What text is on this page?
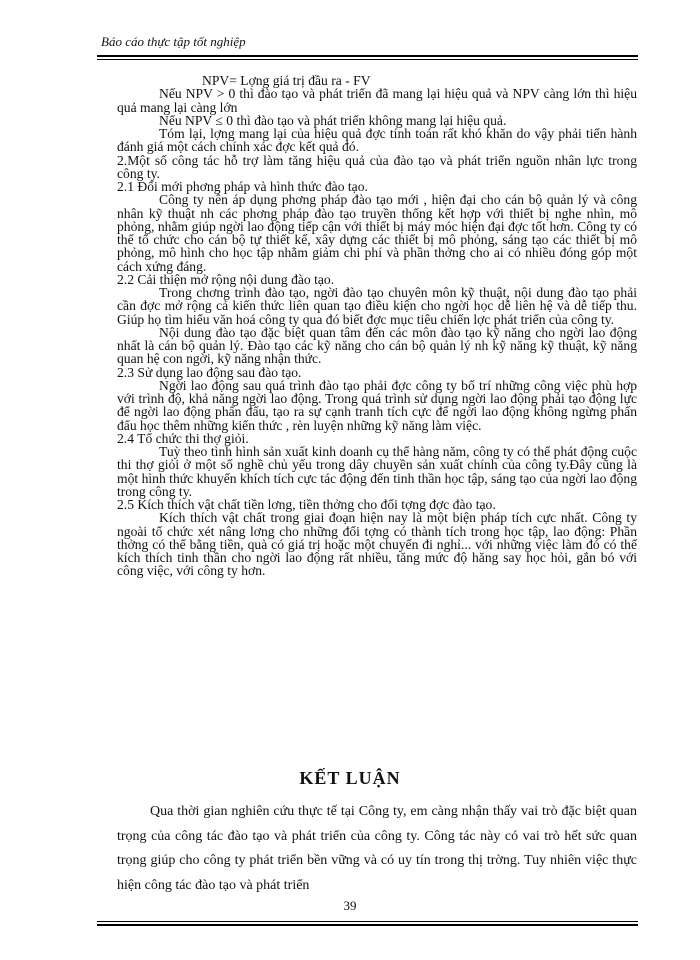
Báo cáo thực tập tốt nghiệp

NPV= Lợng giá trị đầu ra - FV

Nếu NPV > 0 thì đào tạo và phát triển đã mang lại hiệu quả và NPV càng lớn thì hiệu quả mang lại càng lớn

Nếu NPV ≤ 0 thì đào tạo và phát triển không mang lại hiệu quả.

Tóm lại, lợng mang lại của hiệu quả đợc tính toán rất khó khăn do vậy phải tiến hành đánh giá một cách chính xác đợc kết quả đó.

2.Một số công tác hỗ trợ làm tăng hiệu quả của đào tạo và phát triển nguồn nhân lực trong công ty.

2.1 Đổi mới phơng pháp và hình thức đào tạo.

Công ty nên áp dụng phơng pháp đào tạo mới , hiện đại cho cán bộ quản lý và công nhân kỹ thuật nh các phơng pháp đào tạo truyền thống kết hợp với thiết bị nghe nhìn, mô phỏng, nhằm giúp ngời lao động tiếp cận với thiết bị máy móc hiện đại đợc tốt hơn. Công ty có thể tổ chức cho cán bộ tự thiết kế, xây dựng các thiết bị mô phỏng, sáng tạo các thiết bị mô phỏng, mô hình cho học tập nhằm giảm chi phí và phần thởng cho ai có nhiều đóng góp một cách xứng đáng.

2.2 Cải thiện mở rộng nội dung đào tạo.

Trong chơng trình đào tạo, ngời đào tạo chuyên môn kỹ thuật, nội dung đào tạo phải cần đợc mở rộng cả kiến thức liên quan tạo điều kiện cho ngời học dễ liên hệ và dễ tiếp thu. Giúp họ tìm hiểu văn hoá công ty qua đó biết đợc mục tiêu chiến lợc phát triển của công ty.

Nội dung đào tạo đặc biệt quan tâm đến các môn đào tạo kỹ năng cho ngời lao động nhất là cán bộ quản lý. Đào tạo các kỹ năng cho cán bộ quản lý nh kỹ năng kỹ thuật, kỹ năng quan hệ con ngời, kỹ năng nhận thức.

2.3 Sử dụng lao động sau đào tạo.

Ngời lao động sau quá trình đào tạo phải đợc công ty bố trí những công việc phù hợp với trình độ, khả năng ngời lao động. Trong quá trình sử dụng ngời lao động phải tạo động lực để ngời lao động phấn đấu, tạo ra sự cạnh tranh tích cực để ngời lao động không ngừng phấn đấu học thêm những kiến thức , rèn luyện những kỹ năng làm việc.

2.4 Tổ chức thi thợ giỏi.

Tuỳ theo tình hình sản xuất kinh doanh cụ thể hàng năm, công ty có thể phát động cuộc thi thợ giỏi ở một số nghề chủ yếu trong dây chuyền sản xuất chính của công ty.Đây cũng là một hình thức khuyến khích tích cực tác động đến tinh thần học tập, sáng tạo của ngời lao động trong công ty.

2.5 Kích thích vật chất tiền lơng, tiền thởng cho đối tợng đợc đào tạo.

Kích thích vật chất trong giai đoạn hiện nay là một biện pháp tích cực nhất. Công ty ngoài tổ chức xét nâng lơng cho những đối tợng có thành tích trong học tập, lao động: Phần thởng có thể bằng tiền, quà có giá trị hoặc một chuyến đi nghỉ... với những việc làm đó có thể kích thích tinh thần cho ngời lao động rất nhiều, tăng mức độ hăng say học hỏi, gắn bó với công việc, với công ty hơn.

KẾT LUẬN

Qua thời gian nghiên cứu thực tế tại Công ty, em càng nhận thấy vai trò đặc biệt quan trọng của công tác đào tạo và phát triển của công ty. Công tác này có vai trò hết sức quan trọng giúp cho công ty phát triển bền vững và có uy tín trong thị trờng. Tuy nhiên việc thực hiện công tác đào tạo và phát triển

39
